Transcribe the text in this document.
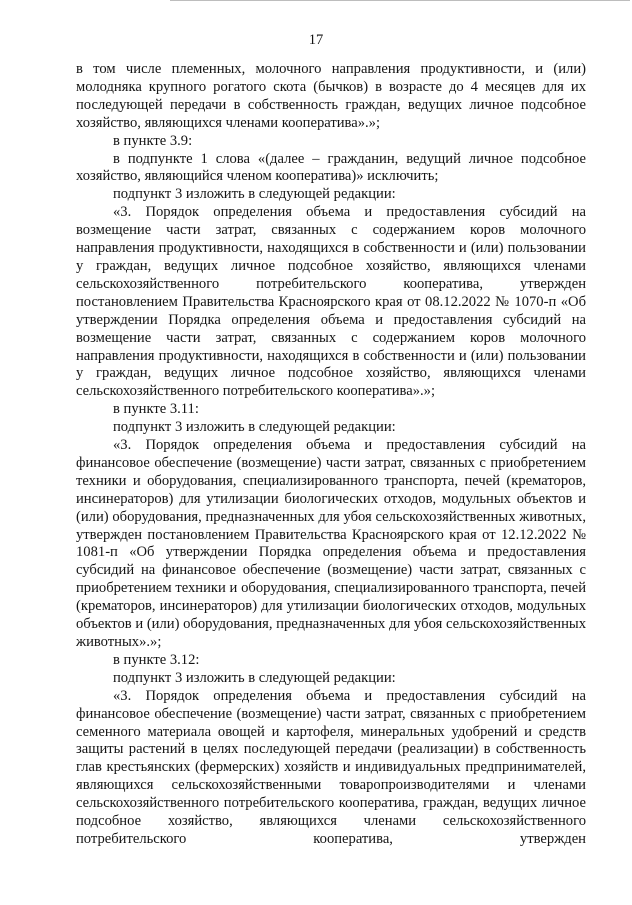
17

в том числе племенных, молочного направления продуктивности, и (или) молодняка крупного рогатого скота (бычков) в возрасте до 4 месяцев для их последующей передачи в собственность граждан, ведущих личное подсобное хозяйство, являющихся членами кооператива».»;

в пункте 3.9:

в подпункте 1 слова «(далее – гражданин, ведущий личное подсобное хозяйство, являющийся членом кооператива)» исключить;

подпункт 3 изложить в следующей редакции:

«3. Порядок определения объема и предоставления субсидий на возмещение части затрат, связанных с содержанием коров молочного направления продуктивности, находящихся в собственности и (или) пользовании у граждан, ведущих личное подсобное хозяйство, являющихся членами сельскохозяйственного потребительского кооператива, утвержден постановлением Правительства Красноярского края от 08.12.2022 № 1070-п «Об утверждении Порядка определения объема и предоставления субсидий на возмещение части затрат, связанных с содержанием коров молочного направления продуктивности, находящихся в собственности и (или) пользовании у граждан, ведущих личное подсобное хозяйство, являющихся членами сельскохозяйственного потребительского кооператива».»;

в пункте 3.11:

подпункт 3 изложить в следующей редакции:

«3. Порядок определения объема и предоставления субсидий на финансовое обеспечение (возмещение) части затрат, связанных с приобретением техники и оборудования, специализированного транспорта, печей (крематоров, инсинераторов) для утилизации биологических отходов, модульных объектов и (или) оборудования, предназначенных для убоя сельскохозяйственных животных, утвержден постановлением Правительства Красноярского края от 12.12.2022 № 1081-п «Об утверждении Порядка определения объема и предоставления субсидий на финансовое обеспечение (возмещение) части затрат, связанных с приобретением техники и оборудования, специализированного транспорта, печей (крематоров, инсинераторов) для утилизации биологических отходов, модульных объектов и (или) оборудования, предназначенных для убоя сельскохозяйственных животных».»;

в пункте 3.12:

подпункт 3 изложить в следующей редакции:

«3. Порядок определения объема и предоставления субсидий на финансовое обеспечение (возмещение) части затрат, связанных с приобретением семенного материала овощей и картофеля, минеральных удобрений и средств защиты растений в целях последующей передачи (реализации) в собственность глав крестьянских (фермерских) хозяйств и индивидуальных предпринимателей, являющихся сельскохозяйственными товаропроизводителями и членами сельскохозяйственного потребительского кооператива, граждан, ведущих личное подсобное хозяйство, являющихся членами сельскохозяйственного потребительского кооператива, утвержден
